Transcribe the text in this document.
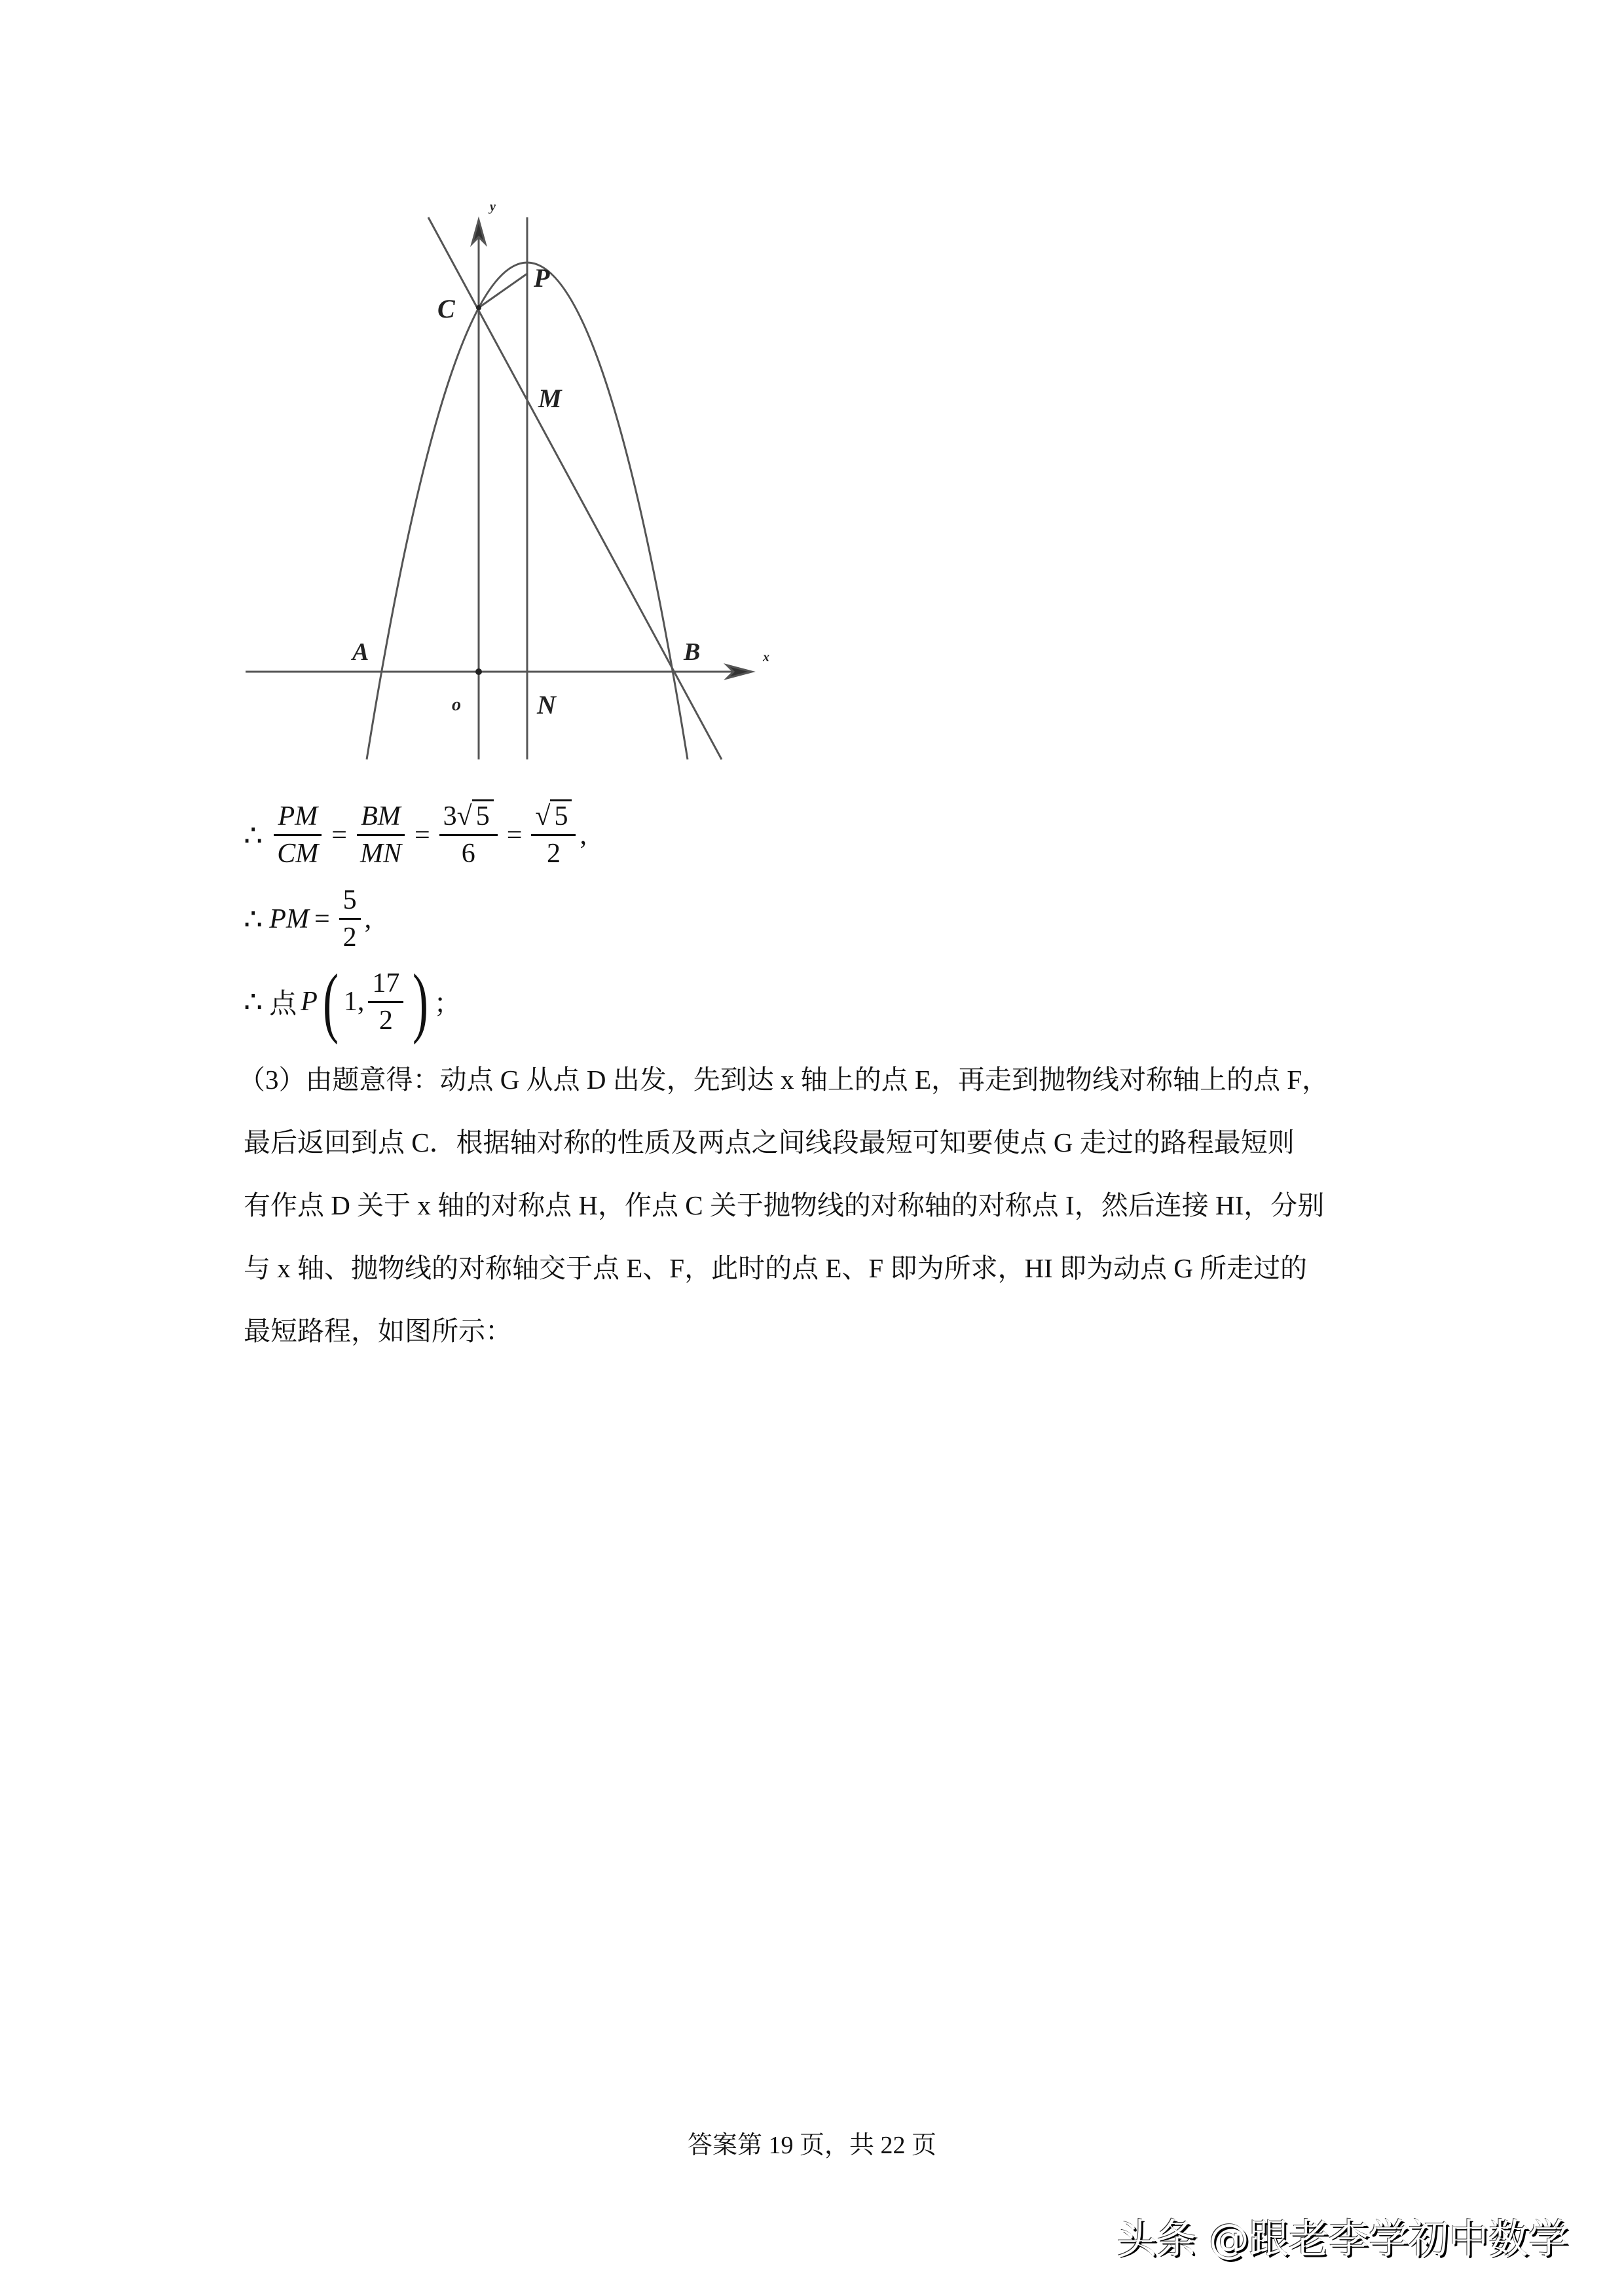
y
x
o
A	B
C
P
M
N
∴ $\frac{PM}{CM} = \frac{BM}{MN} = \frac{3√ 5}{6} = \frac{√ 5}{2}$ ,
∴ PM = $\frac{5}{2}$ ,
∴ 点 P ( 1, $\frac{17}{2}$ ) ；
（3）由题意得：动点 G 从点 D 出发，先到达 x 轴上的点 E，再走到抛物线对称轴上的点 F，
最后返回到点 C．根据轴对称的性质及两点之间线段最短可知要使点 G 走过的路程最短则
有作点 D 关于 x 轴的对称点 H，作点 C 关于抛物线的对称轴的对称点 I，然后连接 HI，分别
与 x 轴、抛物线的对称轴交于点 E、F，此时的点 E、F 即为所求，HI 即为动点 G 所走过的
最短路程，如图所示：
答案第 19 页，共 22 页
头条 @跟老李学初中数学
